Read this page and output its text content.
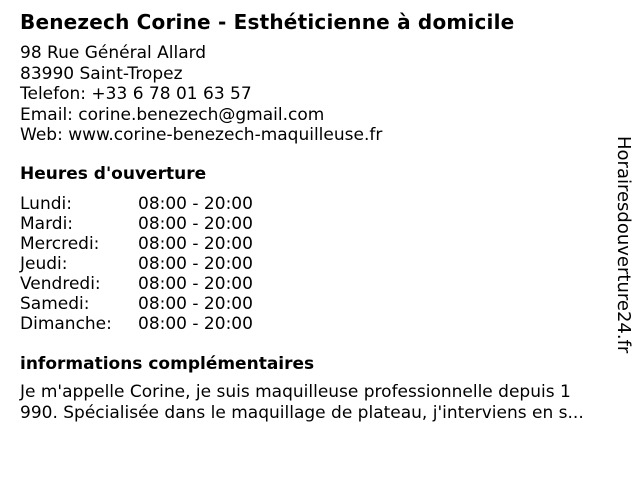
Benezech Corine - Esthéticienne à domicile
98 Rue Général Allard
83990 Saint-Tropez
Telefon: +33 6 78 01 63 57
Email: corine.benezech@gmail.com
Web: www.corine-benezech-maquilleuse.fr
Heures d'ouverture
Lundi:	08:00 - 20:00
Mardi:	08:00 - 20:00
Mercredi:	08:00 - 20:00
Jeudi:	08:00 - 20:00
Vendredi:	08:00 - 20:00
Samedi:	08:00 - 20:00
Dimanche:	08:00 - 20:00
informations complémentaires
Je m'appelle Corine, je suis maquilleuse professionnelle depuis 1
990. Spécialisée dans le maquillage de plateau, j'interviens en s...
Horairesdouverture24.fr
